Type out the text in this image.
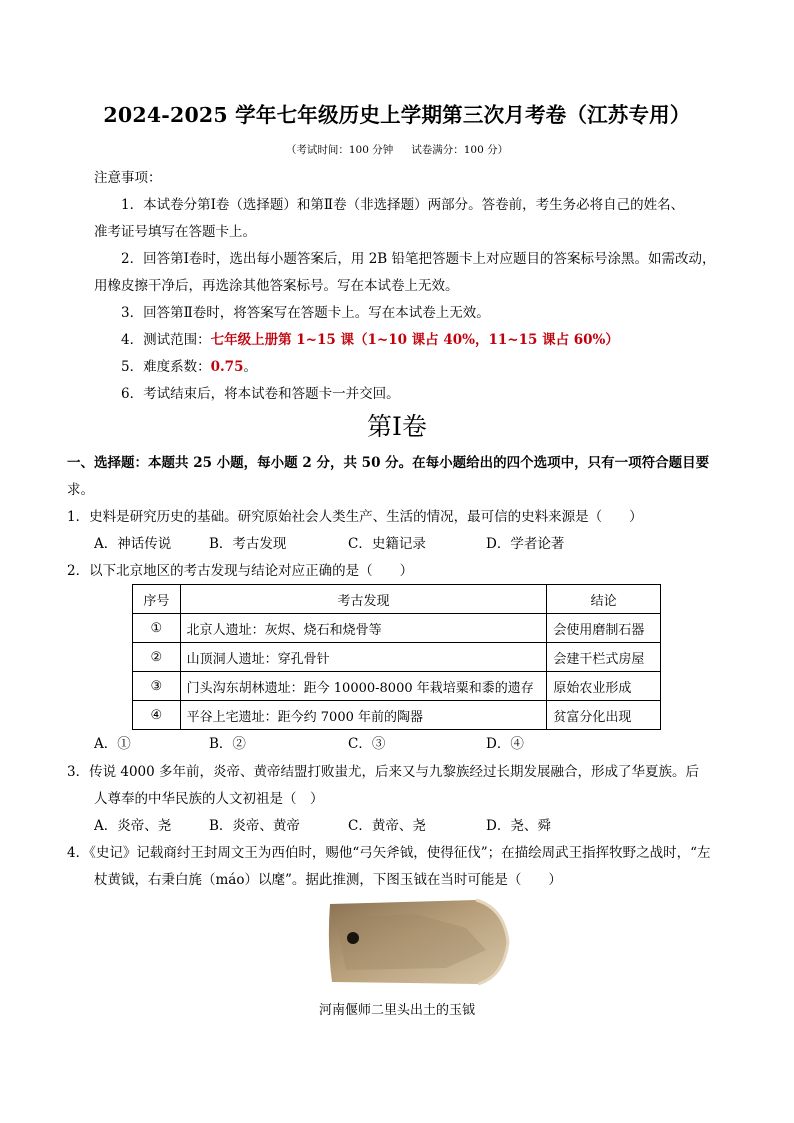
2024-2025 学年七年级历史上学期第三次月考卷（江苏专用）
（考试时间：100 分钟 试卷满分：100 分）
注意事项：
1．本试卷分第Ⅰ卷（选择题）和第Ⅱ卷（非选择题）两部分。答卷前，考生务必将自己的姓名、
准考证号填写在答题卡上。
2．回答第Ⅰ卷时，选出每小题答案后，用 2B 铅笔把答题卡上对应题目的答案标号涂黑。如需改动，
用橡皮擦干净后，再选涂其他答案标号。写在本试卷上无效。
3．回答第Ⅱ卷时，将答案写在答题卡上。写在本试卷上无效。
4．测试范围：七年级上册第 1~15 课（1~10 课占 40%，11~15 课占 60%）
5．难度系数：0.75。
6．考试结束后，将本试卷和答题卡一并交回。
第Ⅰ卷
一、选择题：本题共 25 小题，每小题 2 分，共 50 分。在每小题给出的四个选项中，只有一项符合题目要
求。
1．史料是研究历史的基础。研究原始社会人类生产、生活的情况，最可信的史料来源是（　　）
A．神话传说	B．考古发现	C．史籍记录	D．学者论著
2．以下北京地区的考古发现与结论对应正确的是（　　）
序号	考古发现	结论
①	北京人遗址：灰烬、烧石和烧骨等	会使用磨制石器
②	山顶洞人遗址：穿孔骨针	会建干栏式房屋
③	门头沟东胡林遗址：距今 10000-8000 年栽培粟和黍的遗存	原始农业形成
④	平谷上宅遗址：距今约 7000 年前的陶器	贫富分化出现
A．①	B．②	C．③	D．④
3．传说 4000 多年前，炎帝、黄帝结盟打败蚩尤，后来又与九黎族经过长期发展融合，形成了华夏族。后
人尊奉的中华民族的人文初祖是（　）
A．炎帝、尧	B．炎帝、黄帝	C．黄帝、尧	D．尧、舜
4．《史记》记载商纣王封周文王为西伯时，赐他“弓矢斧钺，使得征伐”；在描绘周武王指挥牧野之战时，“左
杖黄钺，右秉白旄（máo）以麾”。据此推测，下图玉钺在当时可能是（　　）
河南偃师二里头出土的玉钺
